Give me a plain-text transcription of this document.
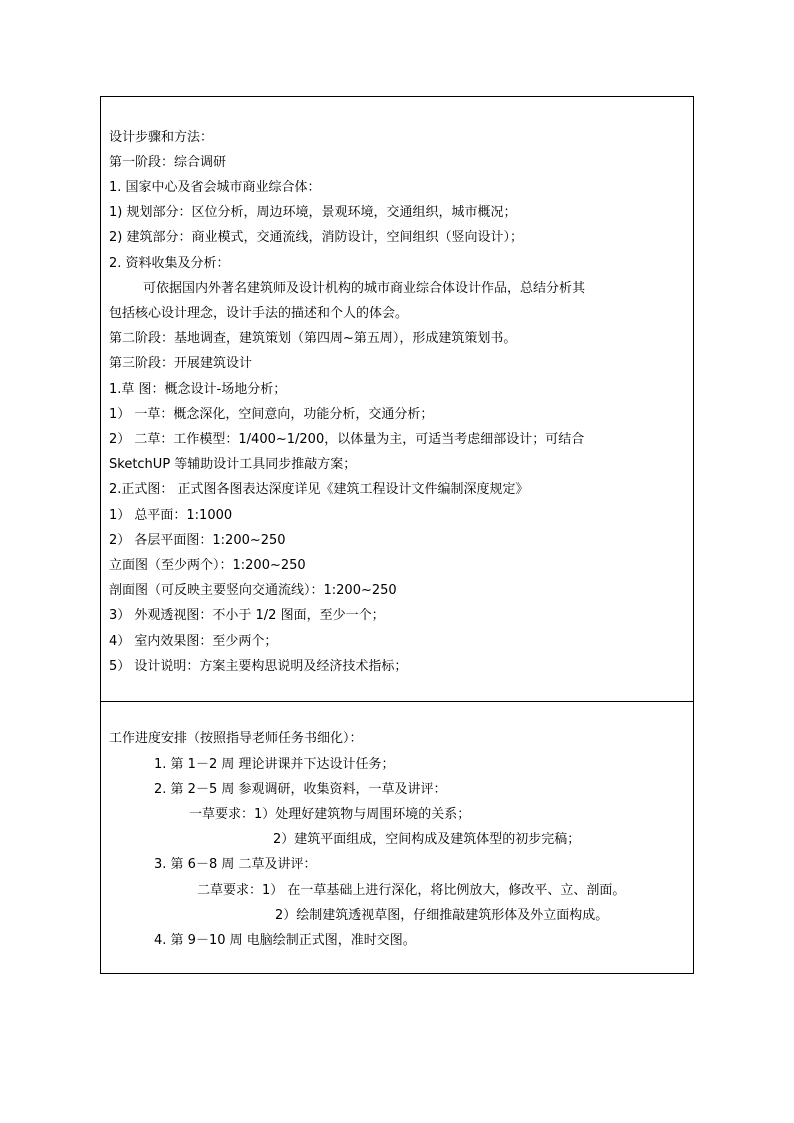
设计步骤和方法：
第一阶段：综合调研
1. 国家中心及省会城市商业综合体：
1) 规划部分：区位分析，周边环境，景观环境，交通组织，城市概况；
2) 建筑部分：商业模式，交通流线，消防设计，空间组织（竖向设计）；
2. 资料收集及分析：
可依据国内外著名建筑师及设计机构的城市商业综合体设计作品，总结分析其
包括核心设计理念，设计手法的描述和个人的体会。
第二阶段：基地调查，建筑策划（第四周~第五周），形成建筑策划书。
第三阶段：开展建筑设计
1.草 图：概念设计-场地分析；
1） 一草：概念深化，空间意向，功能分析，交通分析；
2） 二草：工作模型：1/400~1/200，以体量为主，可适当考虑细部设计；可结合
SketchUP 等辅助设计工具同步推敲方案；
2.正式图： 正式图各图表达深度详见《建筑工程设计文件编制深度规定》
1） 总平面：1:1000
2） 各层平面图：1:200~250
立面图（至少两个）：1:200~250
剖面图（可反映主要竖向交通流线）：1:200~250
3） 外观透视图：不小于 1/2 图面，至少一个；
4） 室内效果图：至少两个；
5） 设计说明：方案主要构思说明及经济技术指标；
工作进度安排（按照指导老师任务书细化）：
1. 第 1－2 周 理论讲课并下达设计任务；
2. 第 2－5 周 参观调研，收集资料，一草及讲评：
一草要求：1）处理好建筑物与周围环境的关系；
2）建筑平面组成，空间构成及建筑体型的初步完稿；
3. 第 6－8 周 二草及讲评：
二草要求：1） 在一草基础上进行深化，将比例放大，修改平、立、剖面。
2）绘制建筑透视草图，仔细推敲建筑形体及外立面构成。
4. 第 9－10 周 电脑绘制正式图，准时交图。
